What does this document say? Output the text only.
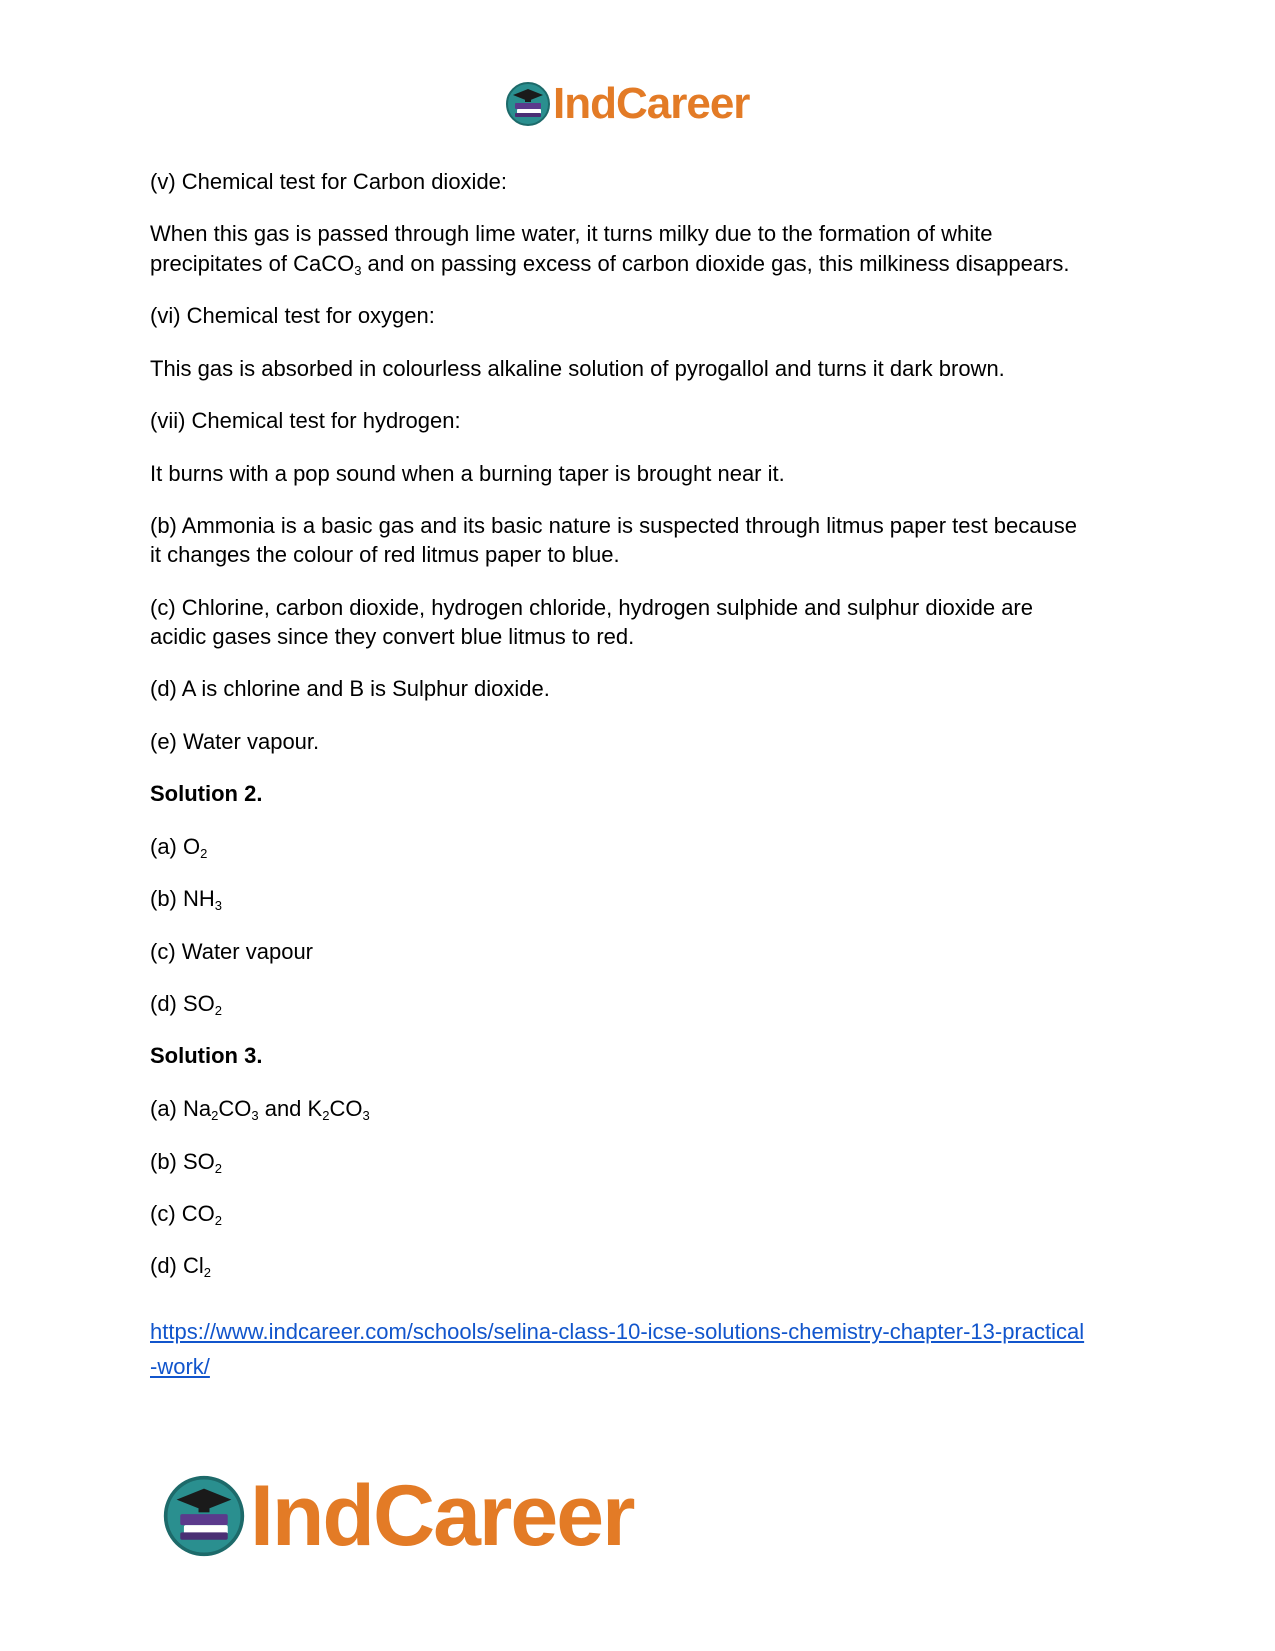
IndCareer
(v) Chemical test for Carbon dioxide:
When this gas is passed through lime water, it turns milky due to the formation of white
precipitates of CaCO$_3$ and on passing excess of carbon dioxide gas, this milkiness disappears.
(vi) Chemical test for oxygen:
This gas is absorbed in colourless alkaline solution of pyrogallol and turns it dark brown.
(vii) Chemical test for hydrogen:
It burns with a pop sound when a burning taper is brought near it.
(b) Ammonia is a basic gas and its basic nature is suspected through litmus paper test because
it changes the colour of red litmus paper to blue.
(c) Chlorine, carbon dioxide, hydrogen chloride, hydrogen sulphide and sulphur dioxide are
acidic gases since they convert blue litmus to red.
(d) A is chlorine and B is Sulphur dioxide.
(e) Water vapour.
Solution 2.
(a) $O_2$
(b) $NH_3$
(c) Water vapour
(d) $SO_2$
Solution 3.
(a) $Na_2CO_3$ and $K_2CO_3$
(b) $SO_2$
(c) $CO_2$
(d) $Cl_2$
https://www.indcareer.com/schools/selina-class-10-icse-solutions-chemistry-chapter-13-practical
-work/
IndCareer
